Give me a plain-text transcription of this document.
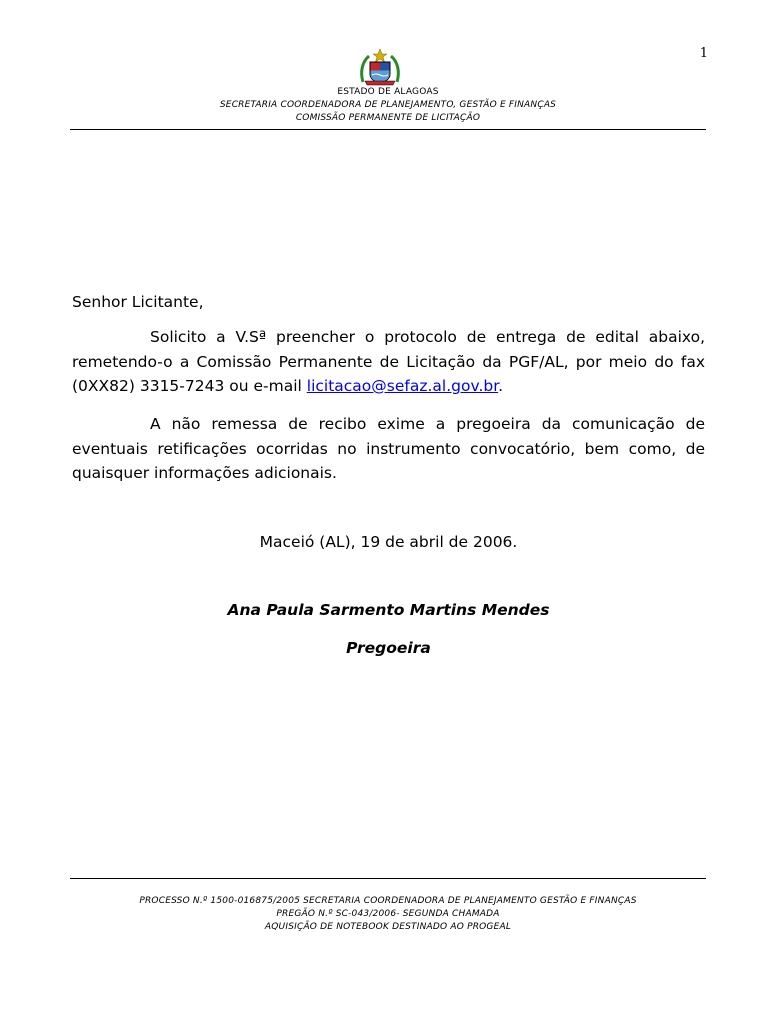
1
ESTADO DE ALAGOAS
SECRETARIA COORDENADORA DE PLANEJAMENTO, GESTÃO E FINANÇAS
COMISSÃO PERMANENTE DE LICITAÇÃO
Senhor Licitante,
Solicito a V.Sª preencher o protocolo de entrega de edital abaixo, remetendo-o a Comissão Permanente de Licitação da PGF/AL, por meio do fax (0XX82) 3315-7243 ou e-mail licitacao@sefaz.al.gov.br.
A não remessa de recibo exime a pregoeira da comunicação de eventuais retificações ocorridas no instrumento convocatório, bem como, de quaisquer informações adicionais.
Maceió (AL), 19 de abril de 2006.
Ana Paula Sarmento Martins Mendes
Pregoeira
PROCESSO N.º 1500-016875/2005 SECRETARIA COORDENADORA DE PLANEJAMENTO GESTÃO E FINANÇAS
PREGÃO N.º SC-043/2006- SEGUNDA CHAMADA
AQUISIÇÃO DE NOTEBOOK DESTINADO AO PROGEAL
